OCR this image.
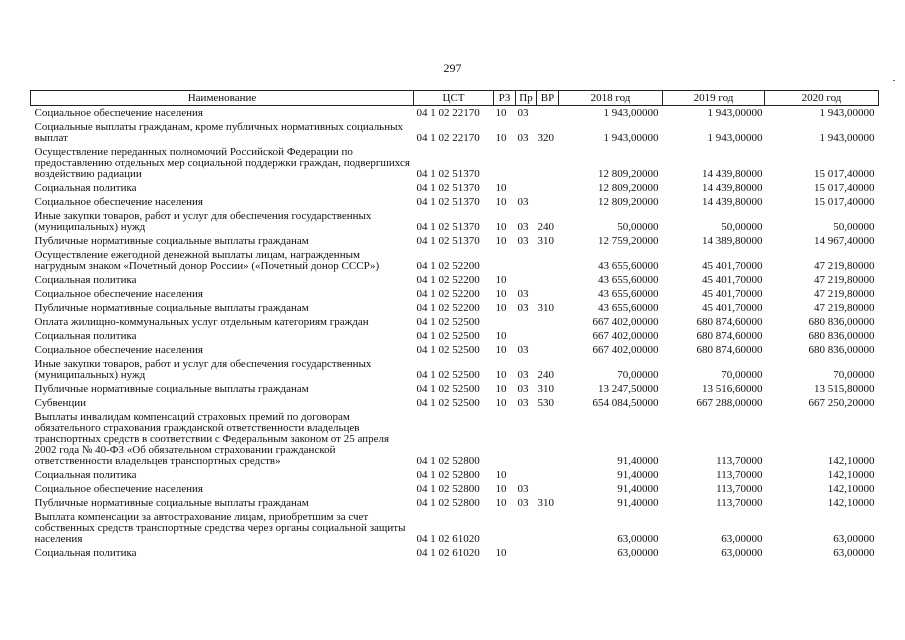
297
Наименование	ЦСТ	РЗ	Пр	ВР	2018 год	2019 год	2020 год
Социальное обеспечение населения	04 1 02 22170	10	03		1 943,00000	1 943,00000	1 943,00000
Социальные выплаты гражданам, кроме публичных нормативных социальных выплат	04 1 02 22170	10	03	320	1 943,00000	1 943,00000	1 943,00000
Осуществление переданных полномочий Российской Федерации по предоставлению отдельных мер социальной поддержки граждан, подвергшихся воздействию радиации	04 1 02 51370				12 809,20000	14 439,80000	15 017,40000
Социальная политика	04 1 02 51370	10			12 809,20000	14 439,80000	15 017,40000
Социальное обеспечение населения	04 1 02 51370	10	03		12 809,20000	14 439,80000	15 017,40000
Иные закупки товаров, работ и услуг для обеспечения государственных (муниципальных) нужд	04 1 02 51370	10	03	240	50,00000	50,00000	50,00000
Публичные нормативные социальные выплаты гражданам	04 1 02 51370	10	03	310	12 759,20000	14 389,80000	14 967,40000
Осуществление ежегодной денежной выплаты лицам, награжденным нагрудным знаком «Почетный донор России» («Почетный донор СССР»)	04 1 02 52200				43 655,60000	45 401,70000	47 219,80000
Социальная политика	04 1 02 52200	10			43 655,60000	45 401,70000	47 219,80000
Социальное обеспечение населения	04 1 02 52200	10	03		43 655,60000	45 401,70000	47 219,80000
Публичные нормативные социальные выплаты гражданам	04 1 02 52200	10	03	310	43 655,60000	45 401,70000	47 219,80000
Оплата жилищно-коммунальных услуг отдельным категориям граждан	04 1 02 52500				667 402,00000	680 874,60000	680 836,00000
Социальная политика	04 1 02 52500	10			667 402,00000	680 874,60000	680 836,00000
Социальное обеспечение населения	04 1 02 52500	10	03		667 402,00000	680 874,60000	680 836,00000
Иные закупки товаров, работ и услуг для обеспечения государственных (муниципальных) нужд	04 1 02 52500	10	03	240	70,00000	70,00000	70,00000
Публичные нормативные социальные выплаты гражданам	04 1 02 52500	10	03	310	13 247,50000	13 516,60000	13 515,80000
Субвенции	04 1 02 52500	10	03	530	654 084,50000	667 288,00000	667 250,20000
Выплаты инвалидам компенсаций страховых премий по договорам обязательного страхования гражданской ответственности владельцев транспортных средств в соответствии с Федеральным законом от 25 апреля 2002 года № 40-ФЗ «Об обязательном страховании гражданской ответственности владельцев транспортных средств»	04 1 02 52800				91,40000	113,70000	142,10000
Социальная политика	04 1 02 52800	10			91,40000	113,70000	142,10000
Социальное обеспечение населения	04 1 02 52800	10	03		91,40000	113,70000	142,10000
Публичные нормативные социальные выплаты гражданам	04 1 02 52800	10	03	310	91,40000	113,70000	142,10000
Выплата компенсации за автострахование лицам, приобретшим за счет собственных средств транспортные средства через органы социальной защиты населения	04 1 02 61020				63,00000	63,00000	63,00000
Социальная политика	04 1 02 61020	10			63,00000	63,00000	63,00000
